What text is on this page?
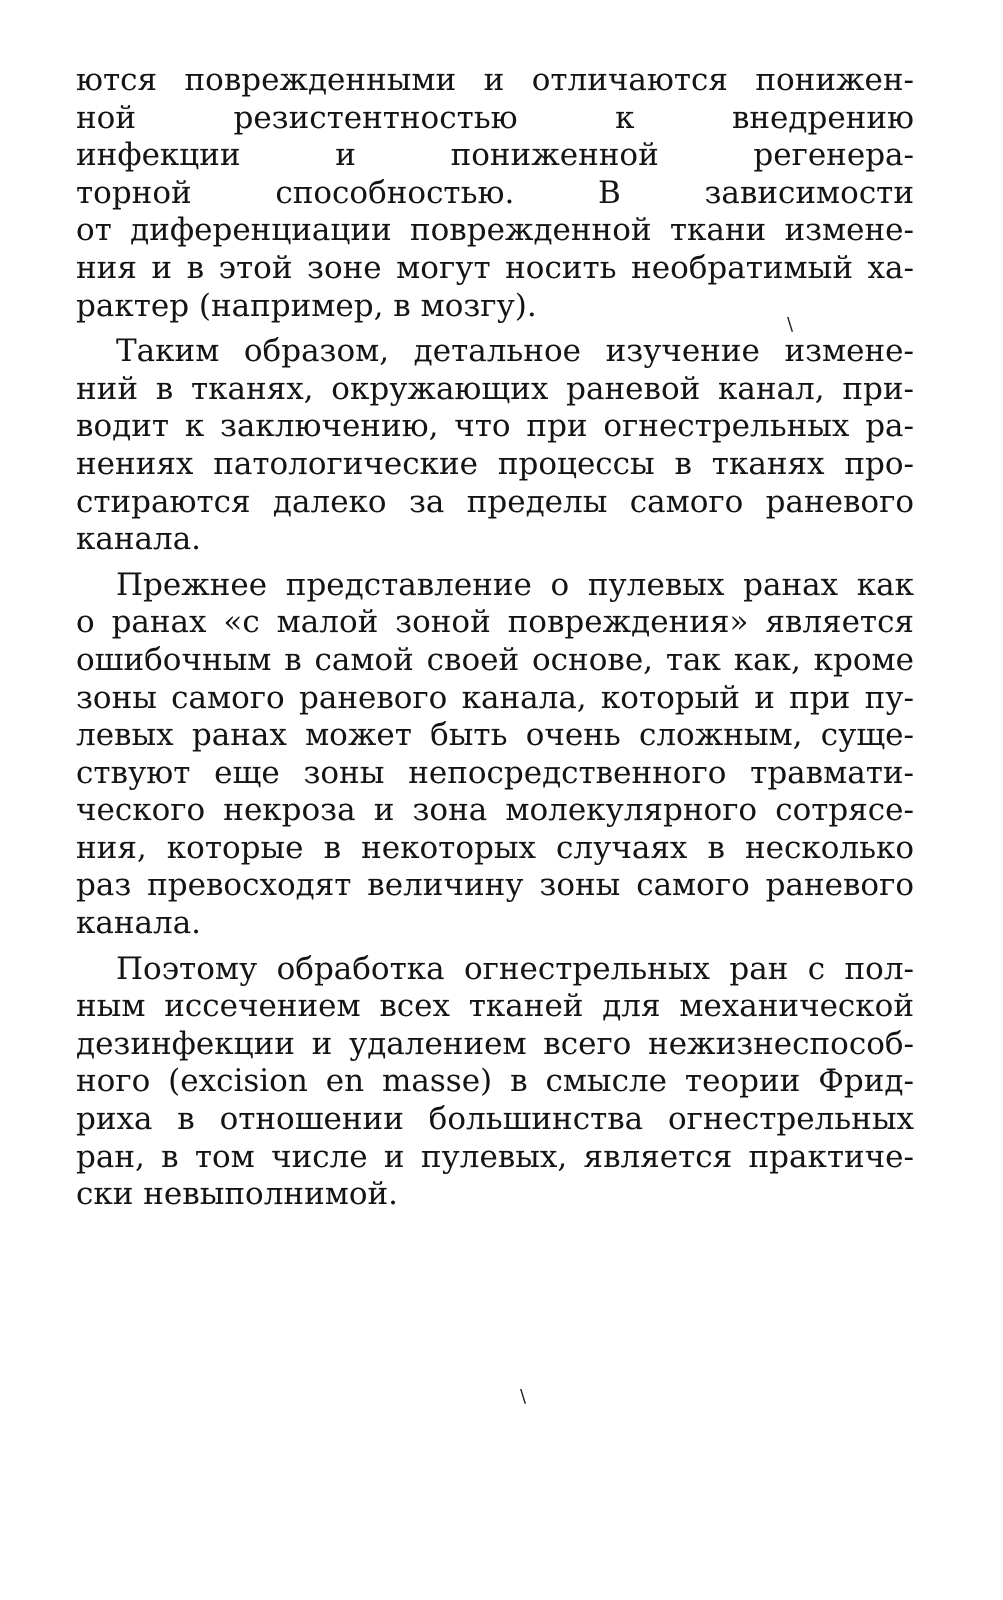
ются поврежденными и отличаются понижен-
ной резистентностью к внедрению
инфекции и пониженной регенера-
торной способностью. В зависимости
от диференциации поврежденной ткани измене-
ния и в этой зоне могут носить необратимый ха-
рактер (например, в мозгу).

Таким образом, детальное изучение измене-
ний в тканях, окружающих раневой канал, при-
водит к заключению, что при огнестрельных ра-
нениях патологические процессы в тканях про-
стираются далеко за пределы самого раневого
канала.

Прежнее представление о пулевых ранах как
о ранах «с малой зоной повреждения» является
ошибочным в самой своей основе, так как, кроме
зоны самого раневого канала, который и при пу-
левых ранах может быть очень сложным, суще-
ствуют еще зоны непосредственного травмати-
ческого некроза и зона молекулярного сотрясе-
ния, которые в некоторых случаях в несколько
раз превосходят величину зоны самого раневого
канала.

Поэтому обработка огнестрельных ран с пол-
ным иссечением всех тканей для механической
дезинфекции и удалением всего нежизнеспособ-
ного (excision en masse) в смысле теории Фрид-
риха в отношении большинства огнестрельных
ран, в том числе и пулевых, является практиче-
ски невыполнимой.

\
\
